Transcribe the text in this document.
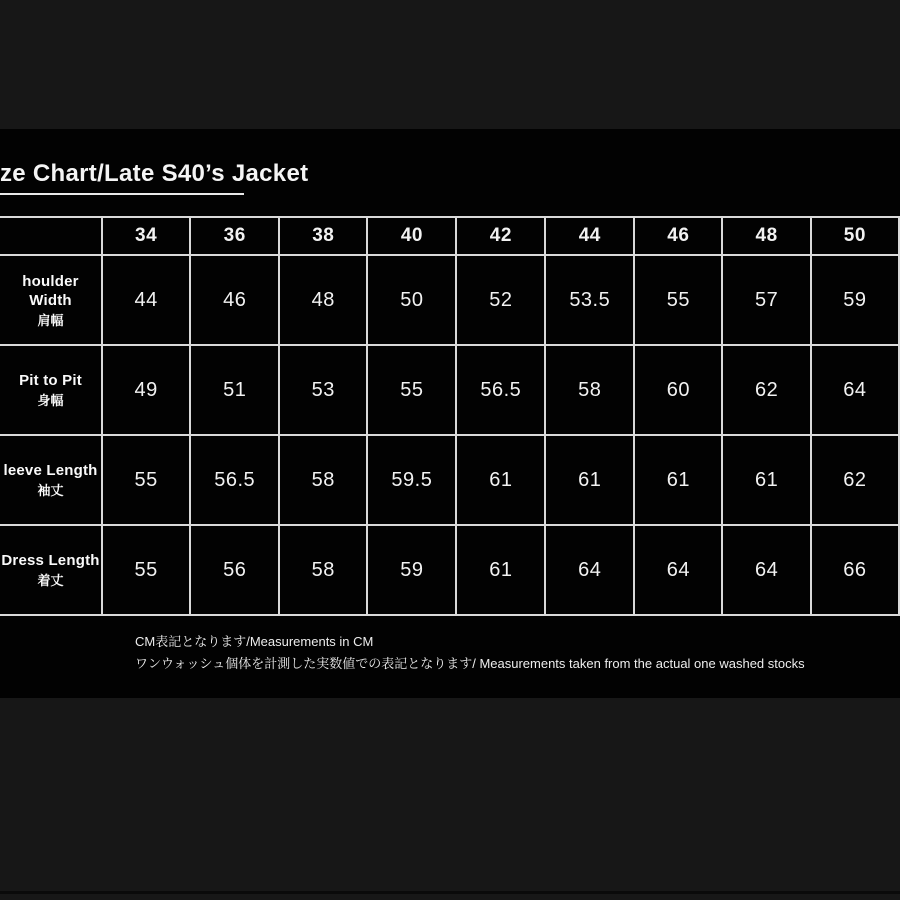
ze Chart/Late S40’s Jacket
	34	36	38	40	42	44	46	48	50

houlder Width
肩幅	44	46	48	50	52	53.5	55	57	59

Pit to Pit
身幅	49	51	53	55	56.5	58	60	62	64

leeve Length
袖丈	55	56.5	58	59.5	61	61	61	61	62

Dress Length
着丈	55	56	58	59	61	64	64	64	66

CM表記となります/Measurements in CM

ワンウォッシュ個体を計測した実数値での表記となります/ Measurements taken from the actual one washed stocks
